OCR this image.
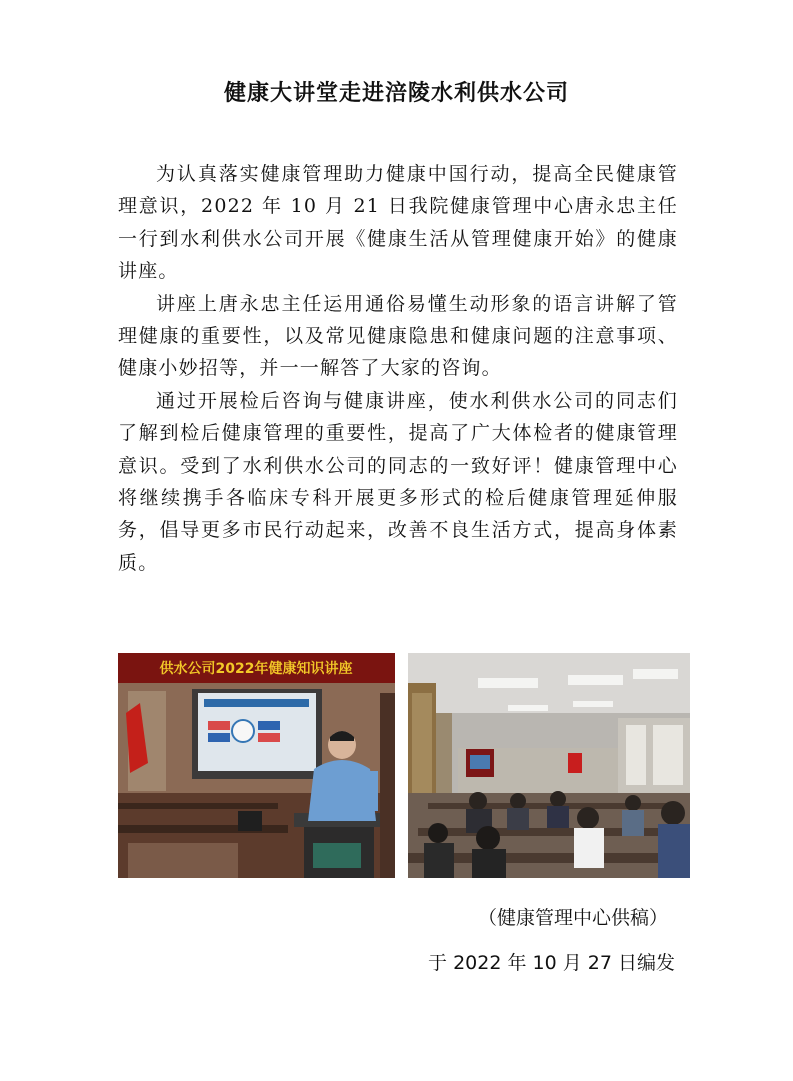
健康大讲堂走进涪陵水利供水公司

为认真落实健康管理助力健康中国行动，提高全民健康管理意识，2022 年 10 月 21 日我院健康管理中心唐永忠主任一行到水利供水公司开展《健康生活从管理健康开始》的健康讲座。

讲座上唐永忠主任运用通俗易懂生动形象的语言讲解了管理健康的重要性，以及常见健康隐患和健康问题的注意事项、健康小妙招等，并一一解答了大家的咨询。

通过开展检后咨询与健康讲座，使水利供水公司的同志们了解到检后健康管理的重要性，提高了广大体检者的健康管理意识。受到了水利供水公司的同志的一致好评！健康管理中心将继续携手各临床专科开展更多形式的检后健康管理延伸服务，倡导更多市民行动起来，改善不良生活方式，提高身体素质。

供水公司2022年健康知识讲座
（健康管理中心供稿）
于 2022 年 10 月 27 日编发
